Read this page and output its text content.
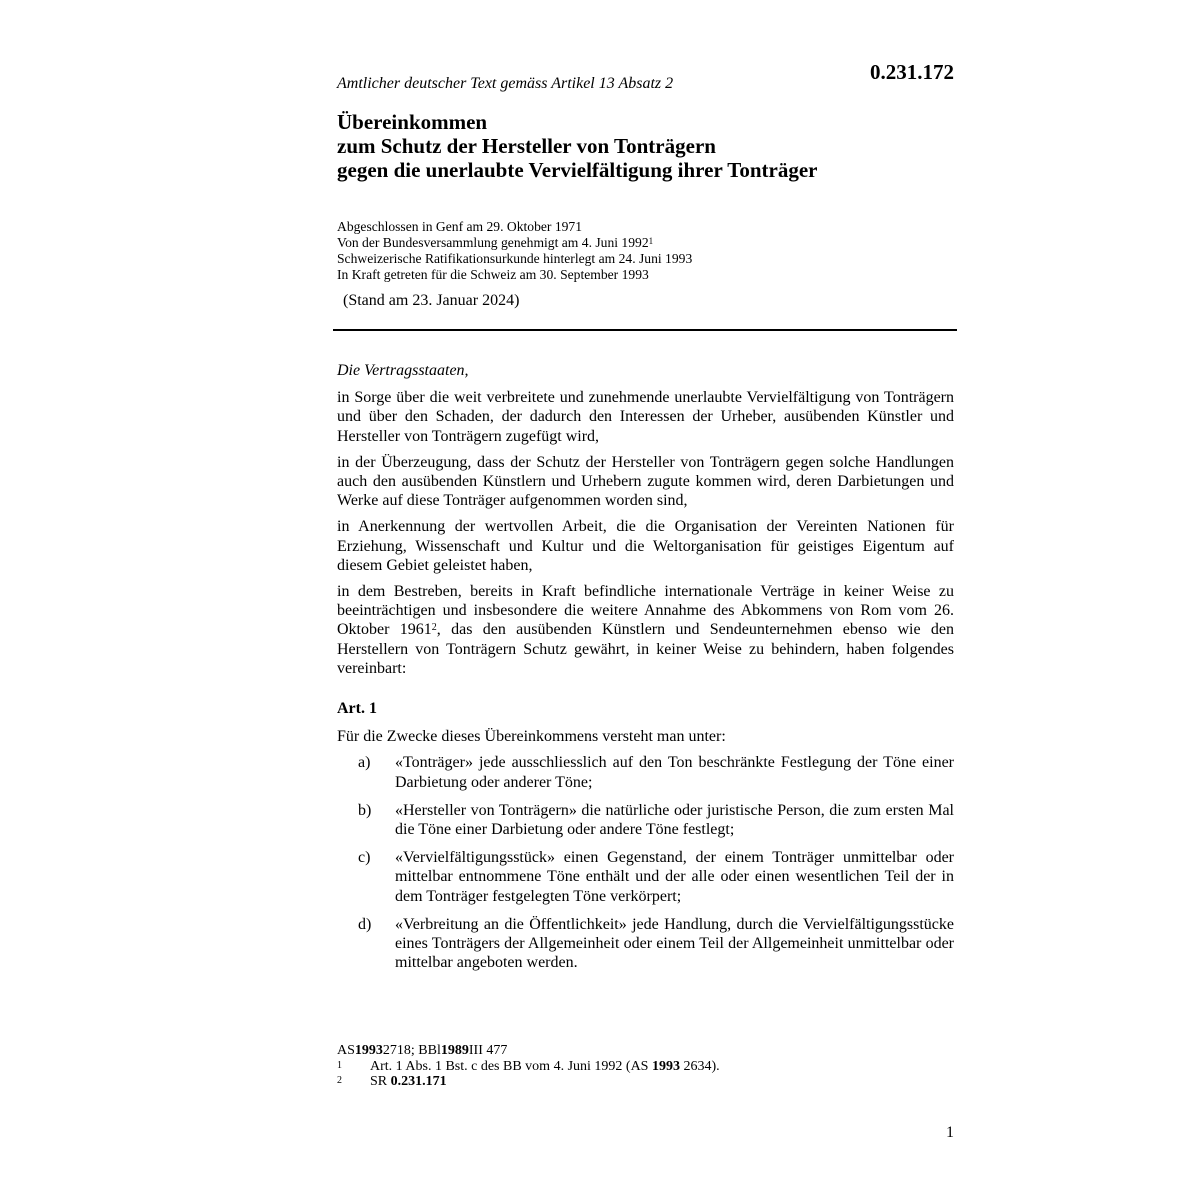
0.231.172
Amtlicher deutscher Text gemäss Artikel 13 Absatz 2
Übereinkommen
zum Schutz der Hersteller von Tonträgern
gegen die unerlaubte Vervielfältigung ihrer Tonträger
Abgeschlossen in Genf am 29. Oktober 1971
Von der Bundesversammlung genehmigt am 4. Juni 1992$^1$
Schweizerische Ratifikationsurkunde hinterlegt am 24. Juni 1993
In Kraft getreten für die Schweiz am 30. September 1993
(Stand am 23. Januar 2024)

Die Vertragsstaaten,

in Sorge über die weit verbreitete und zunehmende unerlaubte Vervielfältigung von Tonträgern und über den Schaden, der dadurch den Interessen der Urheber, ausübenden Künstler und Hersteller von Tonträgern zugefügt wird,

in der Überzeugung, dass der Schutz der Hersteller von Tonträgern gegen solche Handlungen auch den ausübenden Künstlern und Urhebern zugute kommen wird, deren Darbietungen und Werke auf diese Tonträger aufgenommen worden sind,

in Anerkennung der wertvollen Arbeit, die die Organisation der Vereinten Nationen für Erziehung, Wissenschaft und Kultur und die Weltorganisation für geistiges Eigentum auf diesem Gebiet geleistet haben,

in dem Bestreben, bereits in Kraft befindliche internationale Verträge in keiner Weise zu beeinträchtigen und insbesondere die weitere Annahme des Abkommens von Rom vom 26. Oktober 1961$^2$, das den ausübenden Künstlern und Sendeunternehmen ebenso wie den Herstellern von Tonträgern Schutz gewährt, in keiner Weise zu behindern, haben folgendes vereinbart:

Art. 1

Für die Zwecke dieses Übereinkommens versteht man unter:

a)	«Tonträger» jede ausschliesslich auf den Ton beschränkte Festlegung der Töne einer Darbietung oder anderer Töne;
b)	«Hersteller von Tonträgern» die natürliche oder juristische Person, die zum ersten Mal die Töne einer Darbietung oder andere Töne festlegt;
c)	«Vervielfältigungsstück» einen Gegenstand, der einem Tonträger unmittelbar oder mittelbar entnommene Töne enthält und der alle oder einen wesentlichen Teil der in dem Tonträger festgelegten Töne verkörpert;
d)	«Verbreitung an die Öffentlichkeit» jede Handlung, durch die Vervielfältigungsstücke eines Tonträgers der Allgemeinheit oder einem Teil der Allgemeinheit unmittelbar oder mittelbar angeboten werden.
AS 1993 2718; BBl 1989 III 477
1	Art. 1 Abs. 1 Bst. c des BB vom 4. Juni 1992 (AS 1993 2634).
2	SR 0.231.171
1
